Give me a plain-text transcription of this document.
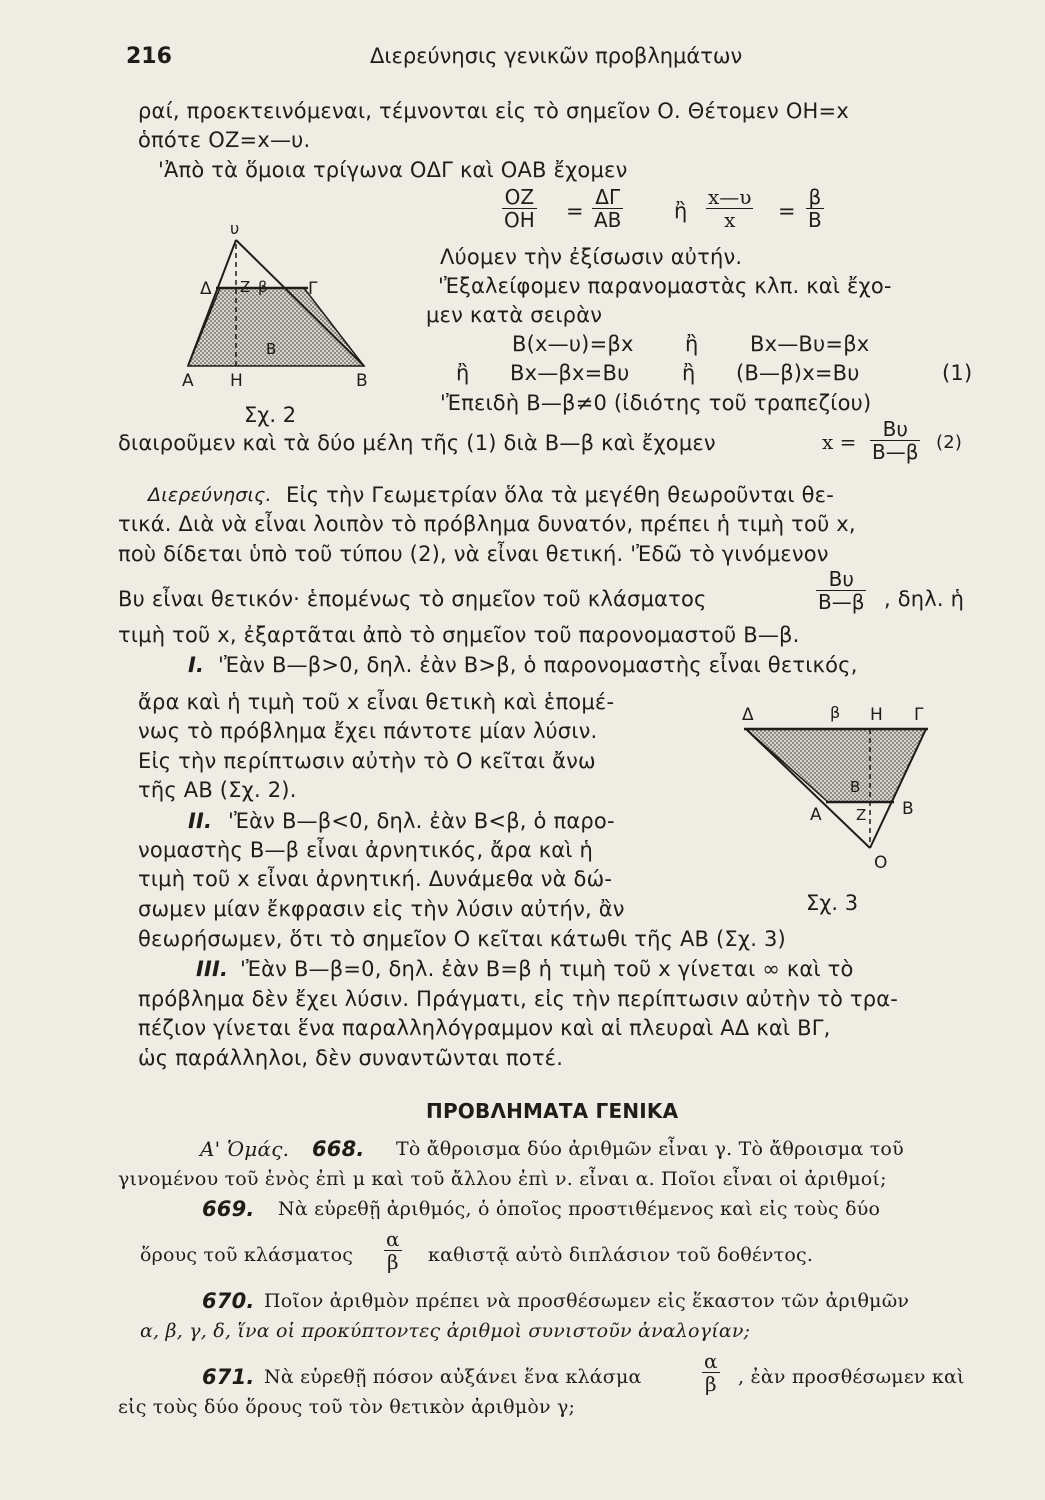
216	Διερεύνησις γενικῶν προβλημάτων
ραί, προεκτεινόμεναι, τέμνονται εἰς τὸ σημεῖον Ο. Θέτομεν ΟΗ=x
ὁπότε ΟΖ=x—υ.
'Ἀπὸ τὰ ὅμοια τρίγωνα ΟΔΓ καὶ ΟΑΒ ἔχομεν
$\frac{OZ}{OH} = \frac{\Delta\Gamma}{AB}$ ἢ $\frac{x—\upsilon}{x} = \frac{\beta}{B}$
υ
Δ Ζ β Γ
Β
Α Η	Β
Σχ. 2
Λύομεν τὴν ἐξίσωσιν αὐτήν.
'Ἐξαλείφομεν παρανομαστὰς κλπ. καὶ ἔχο-
μεν κατὰ σειρὰν
Β(x—υ)=βx ἢ Βx—Βυ=βx
ἢ Βx—βx=Βυ	ἢ (Β—β)x=Βυ	(1)
'Ἐπειδὴ Β—β≠0 (ἰδιότης τοῦ τραπεζίου)
διαιροῦμεν καὶ τὰ δύο μέλη τῆς (1) διὰ Β—β καὶ ἔχομεν	$x = \frac{B\upsilon}{B—\beta} (2)$
Διερεύνησις. Εἰς τὴν Γεωμετρίαν ὅλα τὰ μεγέθη θεωροῦνται θε-
τικά. Διὰ νὰ εἶναι λοιπὸν τὸ πρόβλημα δυνατόν, πρέπει ἡ τιμὴ τοῦ x,
ποὺ δίδεται ὑπὸ τοῦ τύπου (2), νὰ εἶναι θετική. 'Ἐδῶ τὸ γινόμενον
Βυ εἶναι θετικόν· ἑπομένως τὸ σημεῖον τοῦ κλάσματος	$\frac{B\upsilon}{B—\beta}$ , δηλ. ἡ
τιμὴ τοῦ x, ἐξαρτᾶται ἀπὸ τὸ σημεῖον τοῦ παρονομαστοῦ Β—β.
Ι. 'Ἐὰν Β—β>0, δηλ. ἐὰν Β>β, ὁ παρονομαστὴς εἶναι θετικός,
ἄρα καὶ ἡ τιμὴ τοῦ x εἶναι θετικὴ καὶ ἑπομέ-
νως τὸ πρόβλημα ἔχει πάντοτε μίαν λύσιν.
Εἰς τὴν περίπτωσιν αὐτὴν τὸ Ο κεῖται ἄνω
τῆς ΑΒ (Σχ. 2).
ΙΙ. 'Ἐὰν Β—β<0, δηλ. ἐὰν Β<β, ὁ παρο-
νομαστὴς Β—β εἶναι ἀρνητικός, ἄρα καὶ ἡ
τιμὴ τοῦ x εἶναι ἀρνητική. Δυνάμεθα νὰ δώ-
σωμεν μίαν ἔκφρασιν εἰς τὴν λύσιν αὐτήν, ἂν
θεωρήσωμεν, ὅτι τὸ σημεῖον Ο κεῖται κάτωθι τῆς ΑΒ (Σχ. 3)
Δ	β Η Γ
Β
Α Ζ Β
Ο
Σχ. 3
ΙΙΙ. 'Ἐὰν Β—β=0, δηλ. ἐὰν Β=β ἡ τιμὴ τοῦ x γίνεται ∞ καὶ τὸ
πρόβλημα δὲν ἔχει λύσιν. Πράγματι, εἰς τὴν περίπτωσιν αὐτὴν τὸ τρα-
πέζιον γίνεται ἕνα παραλληλόγραμμον καὶ αἱ πλευραὶ ΑΔ καὶ ΒΓ,
ὡς παράλληλοι, δὲν συναντῶνται ποτέ.
ΠΡΟΒΛΗΜΑΤΑ ΓΕΝΙΚΑ
Α' Ὁμάς. 668. Τὸ ἄθροισμα δύο ἀριθμῶν εἶναι γ. Τὸ ἄθροισμα τοῦ
γινομένου τοῦ ἑνὸς ἐπὶ μ καὶ τοῦ ἄλλου ἐπὶ ν. εἶναι α. Ποῖοι εἶναι οἱ ἀριθμοί;
669. Νὰ εὑρεθῇ ἀριθμός, ὁ ὁποῖος προστιθέμενος καὶ εἰς τοὺς δύο
ὅρους τοῦ κλάσματος $\frac{\alpha}{\beta}$ καθιστᾷ αὐτὸ διπλάσιον τοῦ δοθέντος.
670. Ποῖον ἀριθμὸν πρέπει νὰ προσθέσωμεν εἰς ἕκαστον τῶν ἀριθμῶν
α, β, γ, δ, ἵνα οἱ προκύπτοντες ἀριθμοὶ συνιστοῦν ἀναλογίαν;
671. Νὰ εὑρεθῇ πόσον αὐξάνει ἕνα κλάσμα	$\frac{\alpha}{\beta}$ , ἐὰν προσθέσωμεν καὶ
εἰς τοὺς δύο ὅρους τοῦ τὸν θετικὸν ἀριθμὸν γ;
